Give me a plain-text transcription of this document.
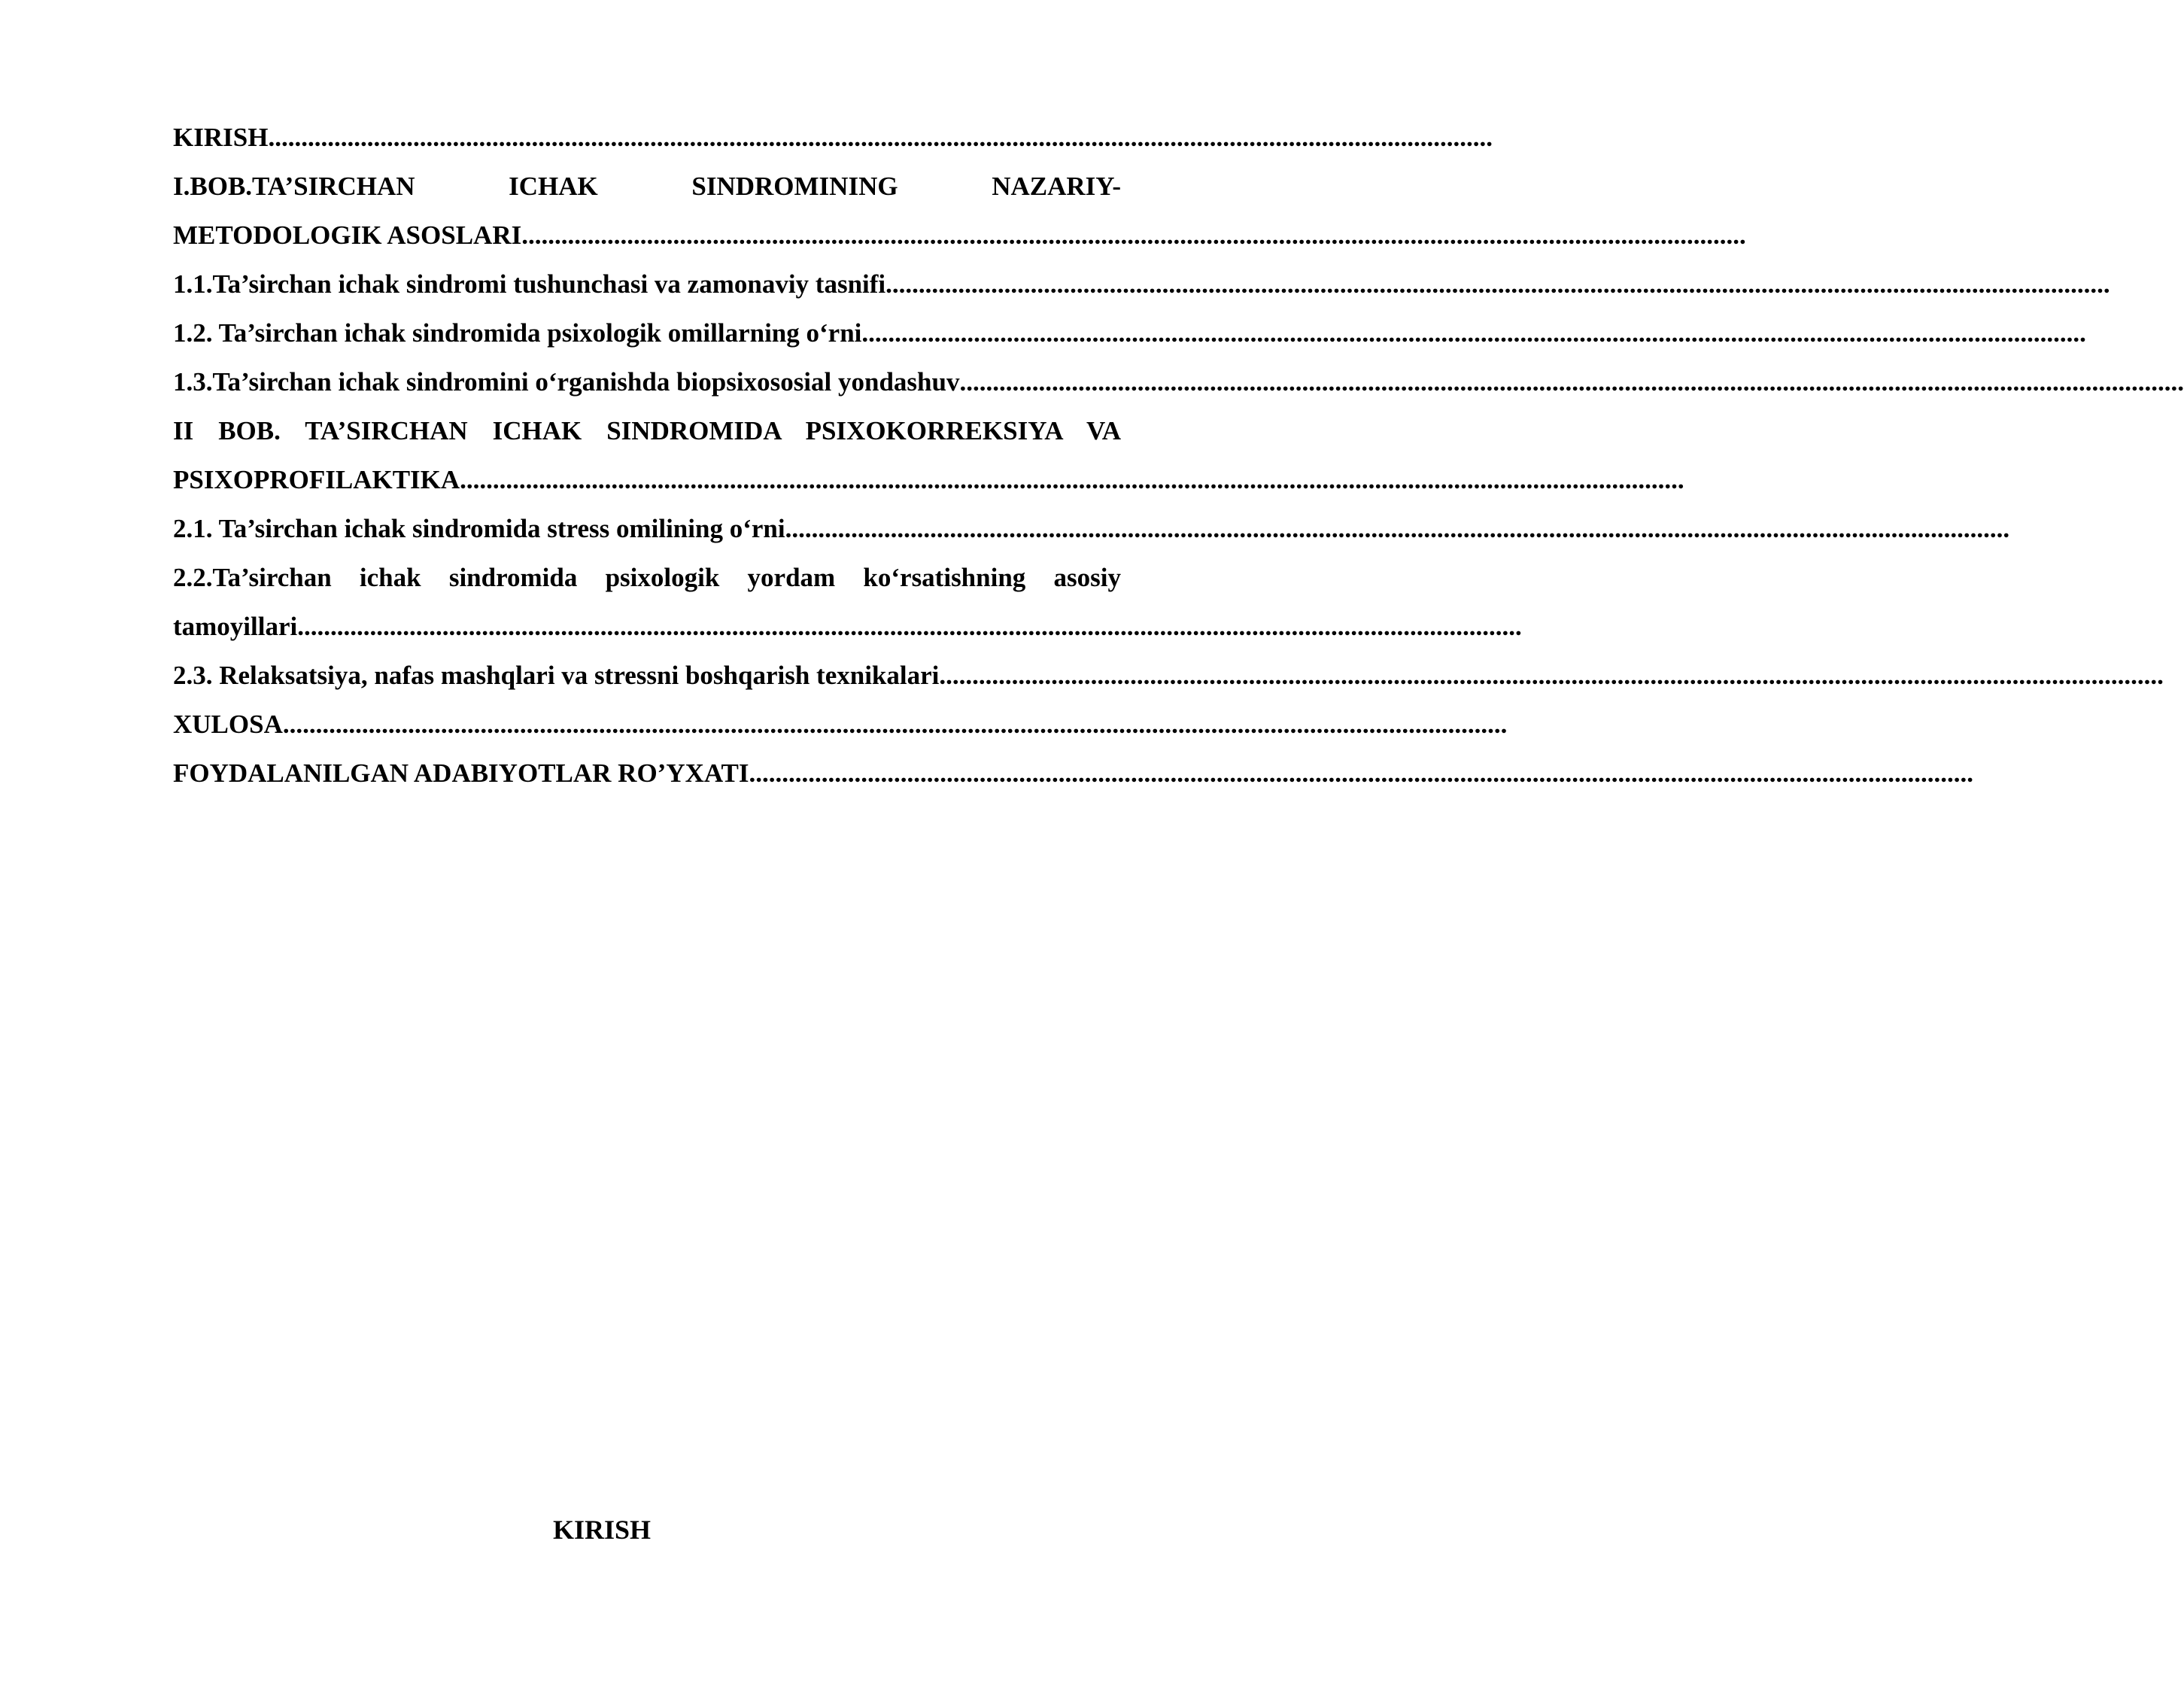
KIRISH ..........................................................................................................................................................................................
I.BOB.TA’SIRCHAN ICHAK SINDROMINING NAZARIY-
METODOLOGIK ASOSLARI ..........................................................................................................................................................................................
1.1.Ta’sirchan ichak sindromi tushunchasi va zamonaviy tasnifi ..........................................................................................................................................................................................
1.2. Ta’sirchan ichak sindromida psixologik omillarning o‘rni ..........................................................................................................................................................................................
1.3.Ta’sirchan ichak sindromini o‘rganishda biopsixososial yondashuv ..........................................................................................................................................................................................
II BOB. TA’SIRCHAN ICHAK SINDROMIDA PSIXOKORREKSIYA VA
PSIXOPROFILAKTIKA ..........................................................................................................................................................................................
2.1. Ta’sirchan ichak sindromida stress omilining o‘rni ..........................................................................................................................................................................................
2.2.Ta’sirchan ichak sindromida psixologik yordam ko‘rsatishning asosiy
tamoyillari ..........................................................................................................................................................................................
2.3. Relaksatsiya, nafas mashqlari va stressni boshqarish texnikalari ..........................................................................................................................................................................................
XULOSA ..........................................................................................................................................................................................
FOYDALANILGAN ADABIYOTLAR RO’YXATI ..........................................................................................................................................................................................
KIRISH
